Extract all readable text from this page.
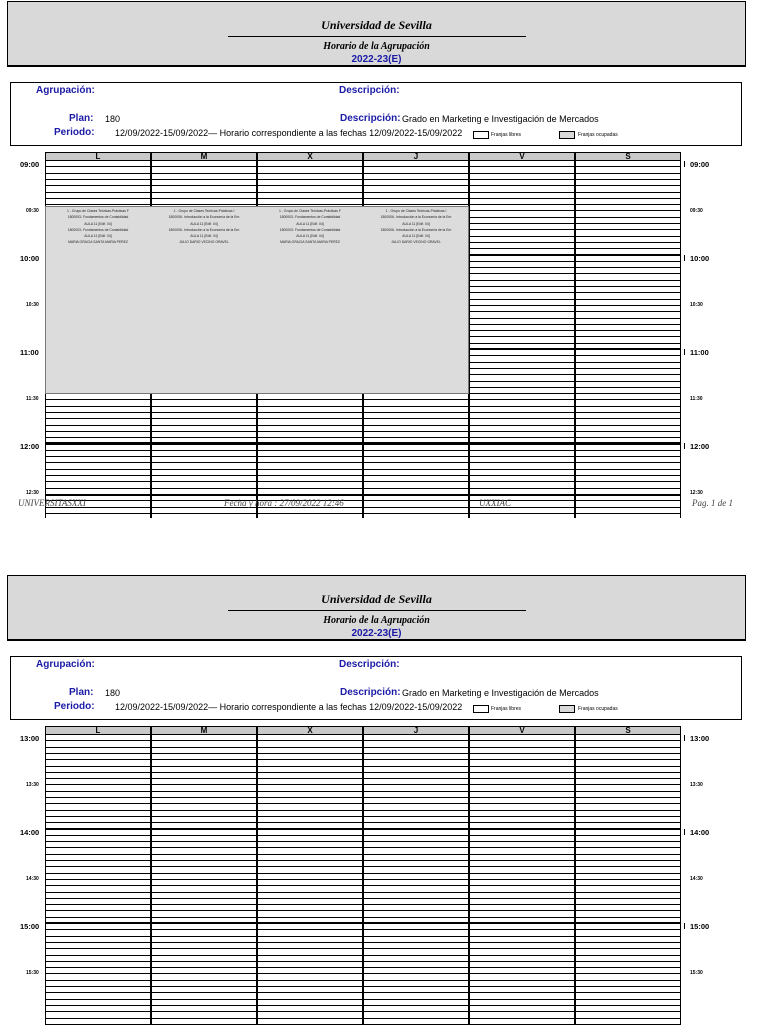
Universidad de Sevilla
Horario de la Agrupación
2022-23(E)
Agrupación:	Descripción:
Plan: 180	Descripción: Grado en Marketing e Investigación de Mercados
Periodo: 12/09/2022-15/09/2022— Horario correspondiente a las fechas 12/09/2022-15/09/2022	Franjas libres	Franjas ocupadas
L	M	X	J	V	S
1 - Grupo de Clases Teóricas-Prácticas F
1800003- Fundamentos de Contabilidad
AULA 11 [Edif. 04]
1800003- Fundamentos de Contabilidad
AULA 11 [Edif. 04]
MARIA GRACIA SANTA MARIA PEREZ
1 - Grupo de Clases Teóricas-Prácticas I
1800006- Introducción a la Economía de la Em
AULA 11 [Edif. 04]
1800006- Introducción a la Economía de la Em
AULA 11 [Edif. 04]
JULIO DARIO VECINO GRAVEL
1 - Grupo de Clases Teóricas-Prácticas F
1800003- Fundamentos de Contabilidad
AULA 11 [Edif. 04]
1800003- Fundamentos de Contabilidad
AULA 11 [Edif. 04]
MARIA GRACIA SANTA MARIA PEREZ
1 - Grupo de Clases Teóricas-Prácticas I
1800006- Introducción a la Economía de la Em
AULA 11 [Edif. 04]
1800006- Introducción a la Economía de la Em
AULA 11 [Edif. 04]
JULIO DARIO VECINO GRAVEL
09:00	09:00
09:30	09:30
10:00	10:00
10:30	10:30
11:00	11:00
11:30	11:30
12:00	12:00
12:30	12:30
UNIVERSITASXXI	Fecha y hora : 27/09/2022 12:46	UXXIAC	Pag. 1 de 1
Universidad de Sevilla
Horario de la Agrupación
2022-23(E)
Agrupación:	Descripción:
Plan: 180	Descripción: Grado en Marketing e Investigación de Mercados
Periodo: 12/09/2022-15/09/2022— Horario correspondiente a las fechas 12/09/2022-15/09/2022	Franjas libres	Franjas ocupadas
L	M	X	J	V	S
13:00	13:00
13:30	13:30
14:00	14:00
14:30	14:30
15:00	15:00
15:30	15:30
